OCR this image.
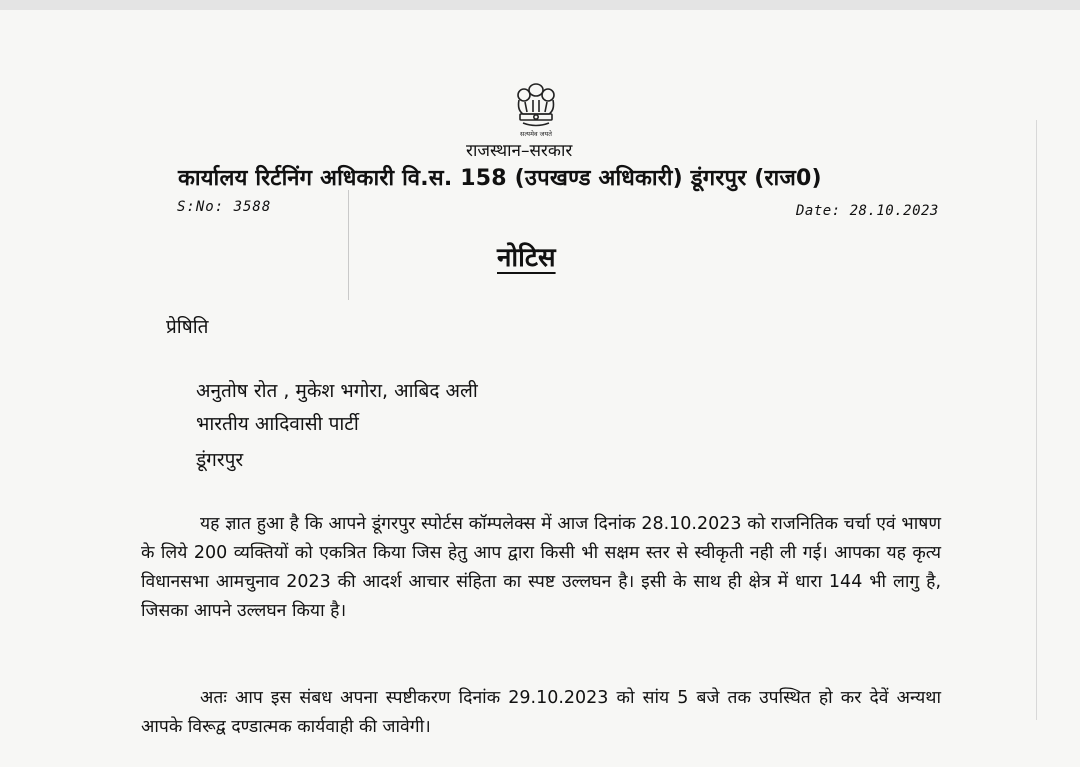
सत्यमेव जयते
राजस्थान–सरकार
कार्यालय रिर्टनिंग अधिकारी वि.स. 158 (उपखण्ड अधिकारी) डूंगरपुर (राज0)
S:No: 3588	Date: 28.10.2023
नोटिस
प्रेषिति
अनुतोष रोत , मुकेश भगोरा, आबिद अली
भारतीय आदिवासी पार्टी
डूंगरपुर
यह ज्ञात हुआ है कि आपने डूंगरपुर स्पोर्टस कॉम्पलेक्स में आज दिनांक 28.10.2023 को राजनितिक चर्चा एवं भाषण के लिये 200 व्यक्तियों को एकत्रित किया जिस हेतु आप द्वारा किसी भी सक्षम स्तर से स्वीकृती नही ली गई। आपका यह कृत्य विधानसभा आमचुनाव 2023 की आदर्श आचार संहिता का स्पष्ट उल्लघन है। इसी के साथ ही क्षेत्र में धारा 144 भी लागु है, जिसका आपने उल्लघन किया है।
अतः आप इस संबध अपना स्पष्टीकरण दिनांक 29.10.2023 को सांय 5 बजे तक उपस्थित हो कर देवें अन्यथा आपके विरूद्व दण्डात्मक कार्यवाही की जावेगी।
